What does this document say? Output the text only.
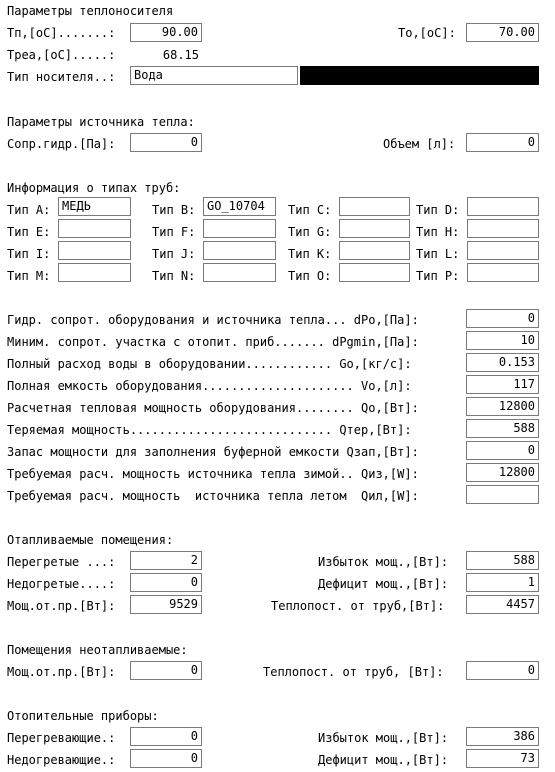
Параметры теплоносителя
Тп,[оС].......:	90.00	То,[оС]:	70.00
Треа,[оС].....:	68.15
Тип носителя..:	Вода
Параметры источника тепла:
Сопр.гидр.[Па]:	0	Объем [л]:	0
Информация о типах труб:
Тип A: МЕДЬ	Тип B: GO_10704	Тип C:	Тип D:
Тип E:	Тип F:	Тип G:	Тип H:
Тип I:	Тип J:	Тип K:	Тип L:
Тип M:	Тип N:	Тип O:	Тип P:
Гидр. сопрот. оборудования и источника тепла... dPo,[Па]:	0
Миним. сопрот. участка с отопит. приб....... dPgmin,[Па]:	10
Полный расход воды в оборудовании............ Go,[кг/с]:	0.153
Полная емкость оборудования..................... Vo,[л]:	117
Расчетная тепловая мощность оборудования........ Qo,[Вт]:	12800
Теряемая мощность............................ Qтер,[Вт]:	588
Запас мощности для заполнения буферной емкости Qзап,[Вт]:	0
Требуемая расч. мощность источника тепла зимой.. Qиз,[W]:	12800
Требуемая расч. мощность  источника тепла летом  Qил,[W]:
Отапливаемые помещения:
Перегретые ...:	2	Избыток мощ.,[Вт]:	588
Недогретые....:	0	Дефицит мощ.,[Вт]:	1
Мощ.от.пр.[Вт]:	9529	Теплопост. от труб,[Вт]:	4457
Помещения неотапливаемые:
Мощ.от.пр.[Вт]:	0	Теплопост. от труб, [Вт]:	0
Отопительные приборы:
Перегревающие.:	0	Избыток мощ.,[Вт]:	386
Недогревающие.:	0	Дефицит мощ.,[Вт]:	73
